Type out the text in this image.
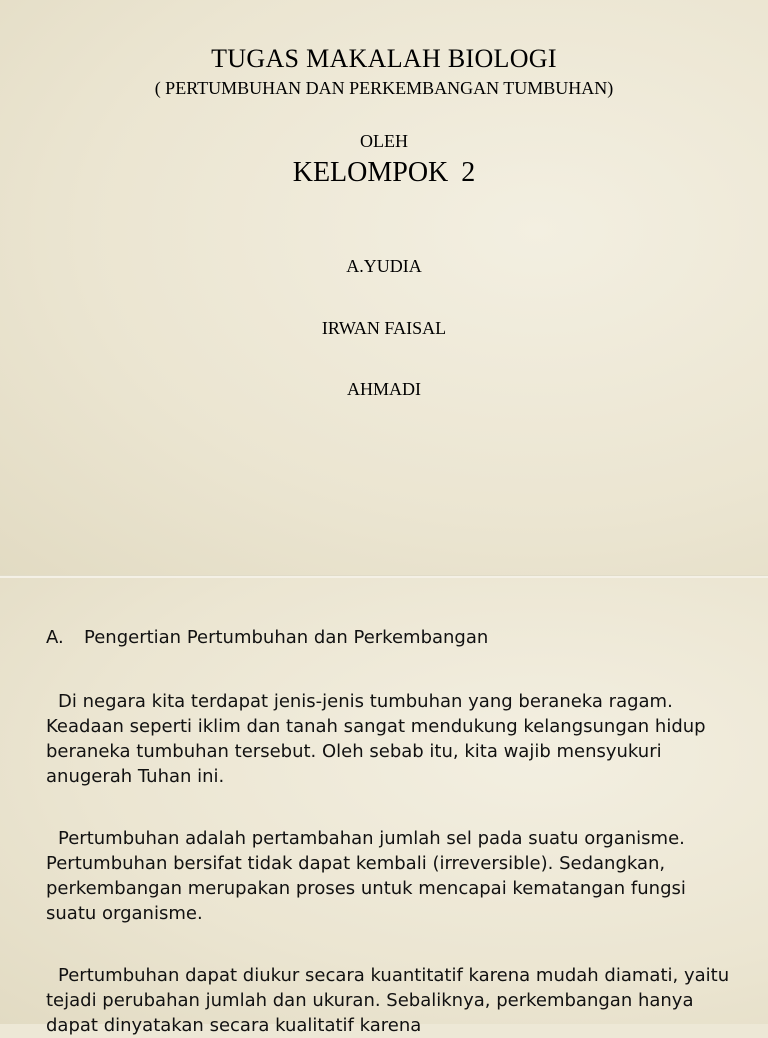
TUGAS MAKALAH BIOLOGI
( PERTUMBUHAN DAN PERKEMBANGAN TUMBUHAN)
OLEH
KELOMPOK 2
A.YUDIA
IRWAN FAISAL
AHMADI
A. Pengertian Pertumbuhan dan Perkembangan

Di negara kita terdapat jenis-jenis tumbuhan yang beraneka ragam. Keadaan seperti iklim dan tanah sangat mendukung kelangsungan hidup beraneka tumbuhan tersebut. Oleh sebab itu, kita wajib mensyukuri anugerah Tuhan ini.

Pertumbuhan adalah pertambahan jumlah sel pada suatu organisme. Pertumbuhan bersifat tidak dapat kembali (irreversible). Sedangkan, perkembangan merupakan proses untuk mencapai kematangan fungsi suatu organisme.

Pertumbuhan dapat diukur secara kuantitatif karena mudah diamati, yaitu tejadi perubahan jumlah dan ukuran. Sebaliknya, perkembangan hanya dapat dinyatakan secara kualitatif karena
